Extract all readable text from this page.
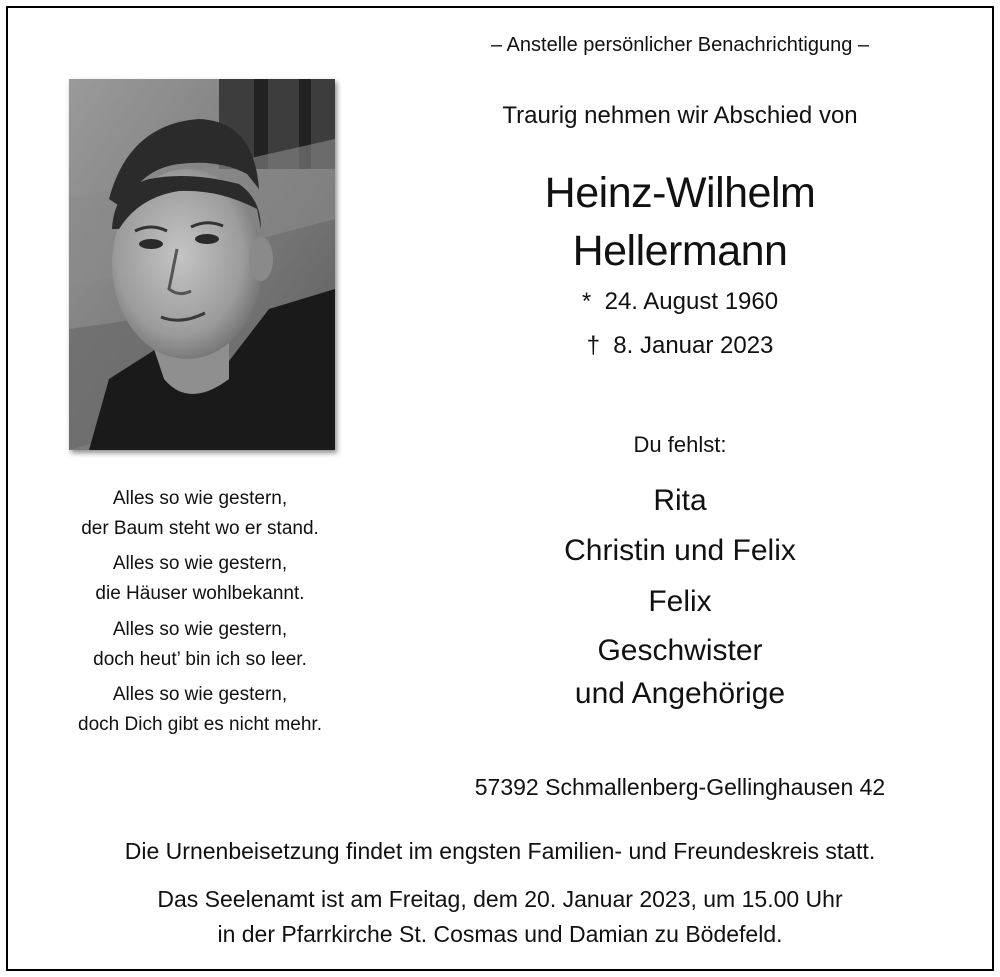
– Anstelle persönlicher Benachrichtigung –
Traurig nehmen wir Abschied von
Heinz-Wilhelm
Hellermann
* 24. August 1960
† 8. Januar 2023
Du fehlst:
Rita
Christin und Felix
Felix
Geschwister
und Angehörige
Alles so wie gestern,
der Baum steht wo er stand.
Alles so wie gestern,
die Häuser wohlbekannt.
Alles so wie gestern,
doch heut’ bin ich so leer.
Alles so wie gestern,
doch Dich gibt es nicht mehr.
57392 Schmallenberg-Gellinghausen 42
Die Urnenbeisetzung findet im engsten Familien- und Freundeskreis statt.
Das Seelenamt ist am Freitag, dem 20. Januar 2023, um 15.00 Uhr
in der Pfarrkirche St. Cosmas und Damian zu Bödefeld.
